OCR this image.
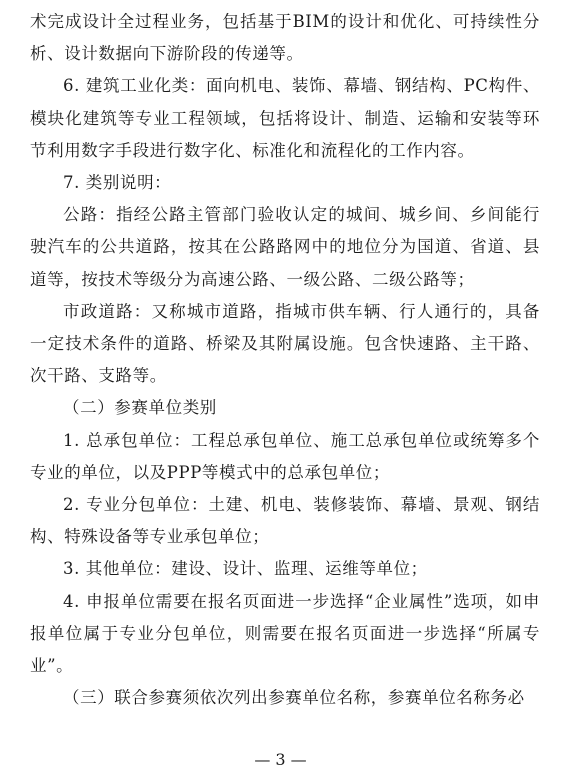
术完成设计全过程业务，包括基于BIM的设计和优化、可持续性分析、设计数据向下游阶段的传递等。

6. 建筑工业化类：面向机电、装饰、幕墙、钢结构、PC构件、模块化建筑等专业工程领域，包括将设计、制造、运输和安装等环节利用数字手段进行数字化、标准化和流程化的工作内容。

7. 类别说明：

公路：指经公路主管部门验收认定的城间、城乡间、乡间能行驶汽车的公共道路，按其在公路路网中的地位分为国道、省道、县道等，按技术等级分为高速公路、一级公路、二级公路等；

市政道路：又称城市道路，指城市供车辆、行人通行的，具备一定技术条件的道路、桥梁及其附属设施。包含快速路、主干路、次干路、支路等。

（二）参赛单位类别

1. 总承包单位：工程总承包单位、施工总承包单位或统筹多个专业的单位，以及PPP等模式中的总承包单位；

2. 专业分包单位：土建、机电、装修装饰、幕墙、景观、钢结构、特殊设备等专业承包单位；

3. 其他单位：建设、设计、监理、运维等单位；

4. 申报单位需要在报名页面进一步选择“企业属性”选项，如申报单位属于专业分包单位，则需要在报名页面进一步选择“所属专业”。

（三）联合参赛须依次列出参赛单位名称，参赛单位名称务必

— 3 —
